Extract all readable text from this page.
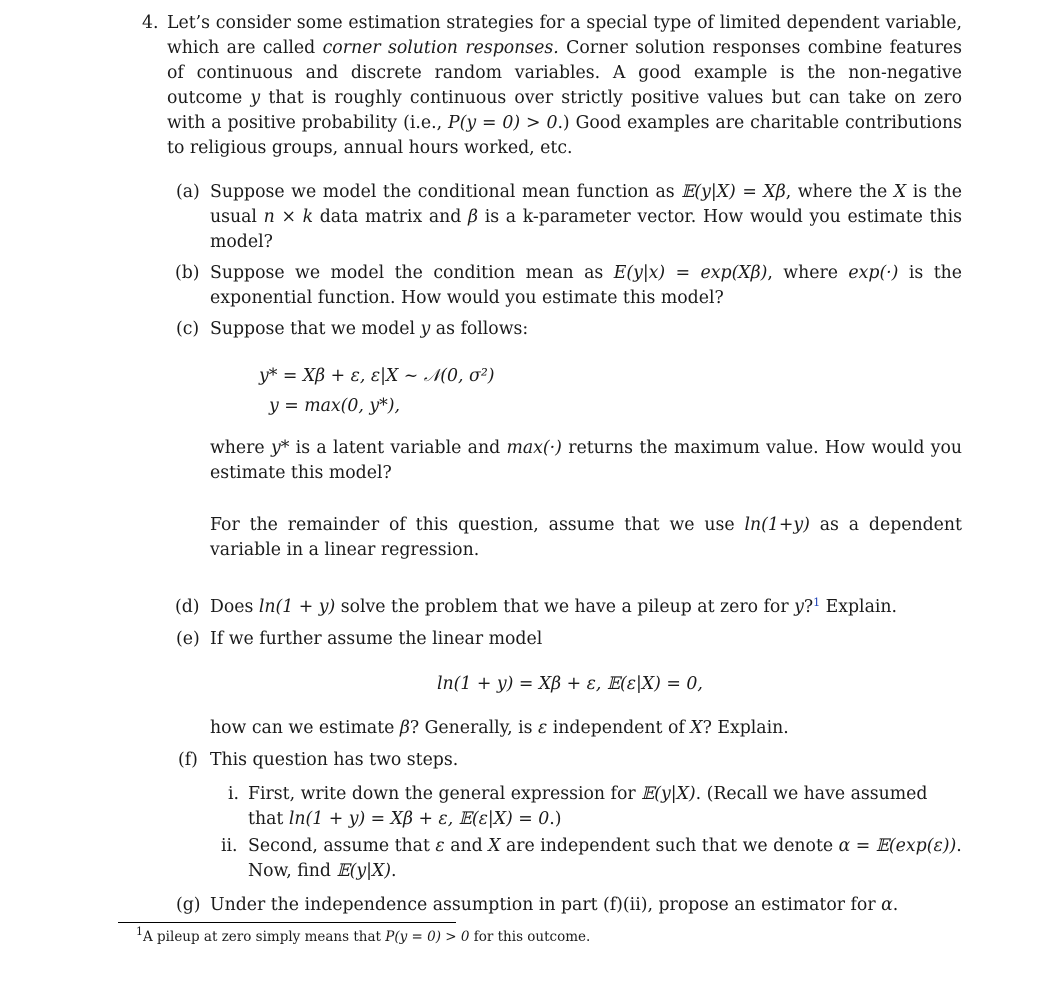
4. Let’s consider some estimation strategies for a special type of limited dependent variable, which are called corner solution responses. Corner solution responses combine features of continuous and discrete random variables. A good example is the non-negative outcome y that is roughly continuous over strictly positive values but can take on zero with a positive probability (i.e., P(y = 0) > 0.) Good examples are charitable contributions to religious groups, annual hours worked, etc.
(a) Suppose we model the conditional mean function as 𝔼(y|X) = Xβ, where the X is the usual n × k data matrix and β is a k-parameter vector. How would you estimate this model?
(b) Suppose we model the condition mean as E(y|x) = exp(Xβ), where exp(·) is the exponential function. How would you estimate this model?
(c) Suppose that we model y as follows:
y* = Xβ + ε, ε|X ~ 𝒩(0, σ²)
y = max(0, y*),
where y* is a latent variable and max(·) returns the maximum value. How would you estimate this model?
For the remainder of this question, assume that we use ln(1+y) as a dependent variable in a linear regression.
(d) Does ln(1 + y) solve the problem that we have a pileup at zero for y?$^1$ Explain.
(e) If we further assume the linear model
ln(1 + y) = Xβ + ε, 𝔼(ε|X) = 0,
how can we estimate β? Generally, is ε independent of X? Explain.
(f) This question has two steps.
i. First, write down the general expression for 𝔼(y|X). (Recall we have assumed that ln(1 + y) = Xβ + ε, 𝔼(ε|X) = 0.)
ii. Second, assume that ε and X are independent such that we denote α = 𝔼(exp(ε)). Now, find 𝔼(y|X).
(g) Under the independence assumption in part (f)(ii), propose an estimator for α.
$^1$A pileup at zero simply means that P(y = 0) > 0 for this outcome.
